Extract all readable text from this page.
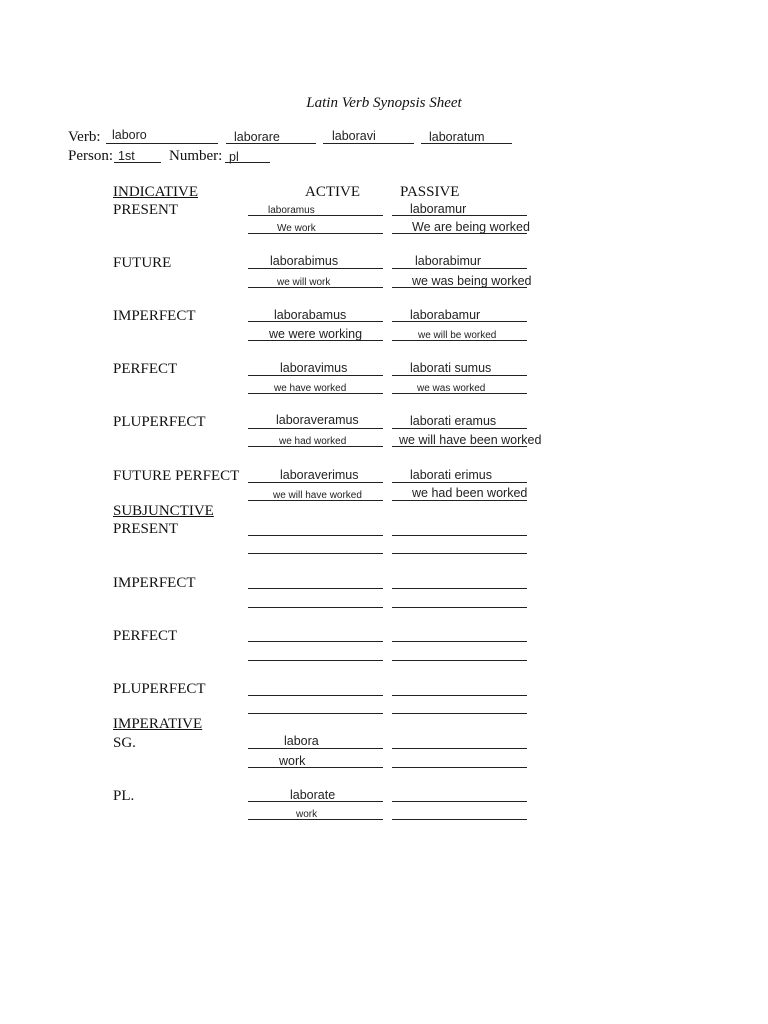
Latin Verb Synopsis Sheet
Verb: laboro	laborare	laboravi	laboratum
Person: 1st Number: pl
INDICATIVE	ACTIVE	PASSIVE
PRESENT	laboramus	laboramur
We work	We are being worked
FUTURE	laborabimus	laborabimur
we will work	we was being worked
IMPERFECT	laborabamus	laborabamur
we were working	we will be worked
PERFECT	laboravimus	laborati sumus
we have worked	we was worked
PLUPERFECT	laboraveramus	laborati eramus
we had worked	we will have been worked
FUTURE PERFECT	laboraverimus	laborati erimus
we will have worked	we had been worked
SUBJUNCTIVE
PRESENT
IMPERFECT
PERFECT
PLUPERFECT
IMPERATIVE
SG.	labora
work
PL.	laborate
work
